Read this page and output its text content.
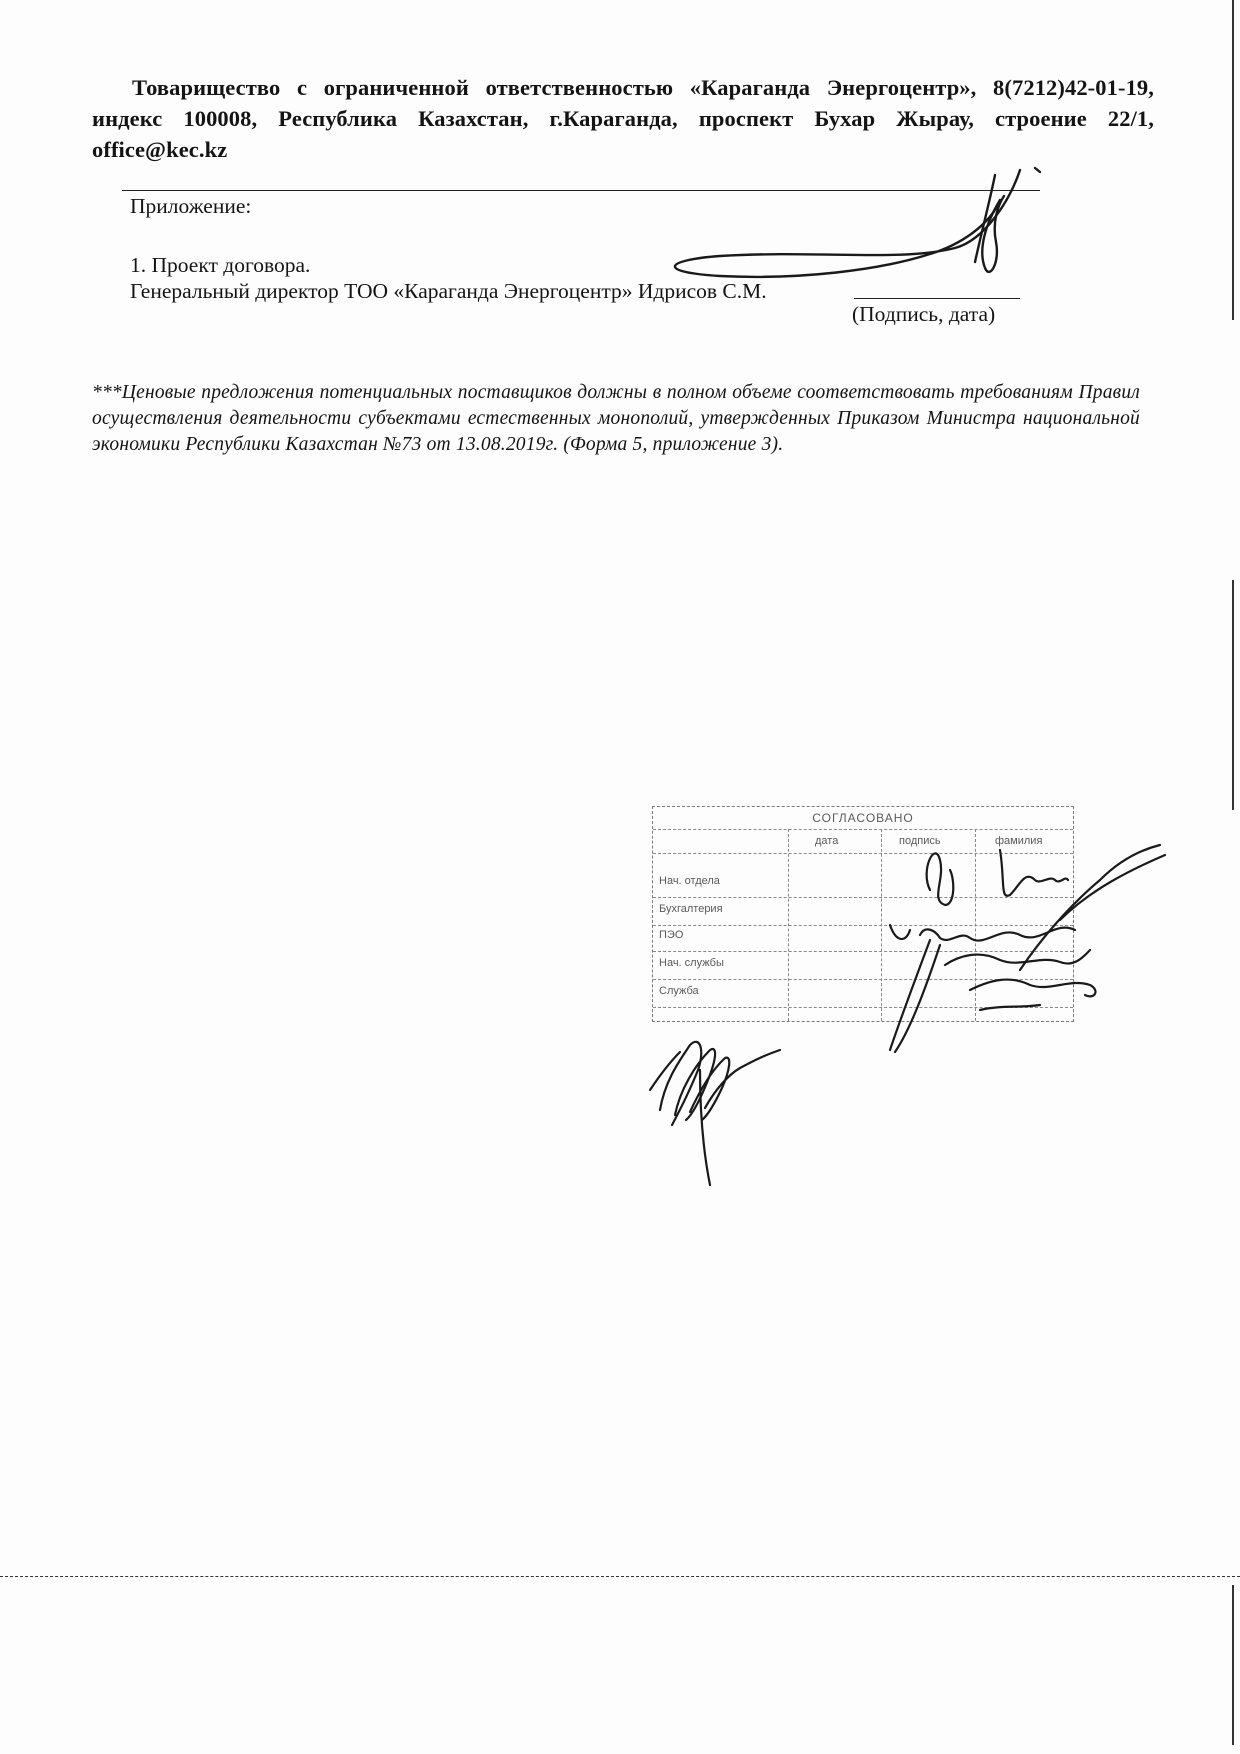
Товарищество с ограниченной ответственностью «Караганда Энергоцентр», 8(7212)42-01-19, индекс 100008, Республика Казахстан, г.Караганда, проспект Бухар Жырау, строение 22/1, office@kec.kz
Приложение:
1. Проект договора.
Генеральный директор ТОО «Караганда Энергоцентр» Идрисов С.М.
(Подпись, дата)
***Ценовые предложения потенциальных поставщиков должны в полном объеме соответствовать требованиям Правил осуществления деятельности субъектами естественных монополий, утвержденных Приказом Министра национальной экономики Республики Казахстан №73 от 13.08.2019г. (Форма 5, приложение 3).
СОГЛАСОВАНО
дата	подпись	фамилия
Нач. отдела
Бухгалтерия
ПЭО
Нач. службы
Служба
